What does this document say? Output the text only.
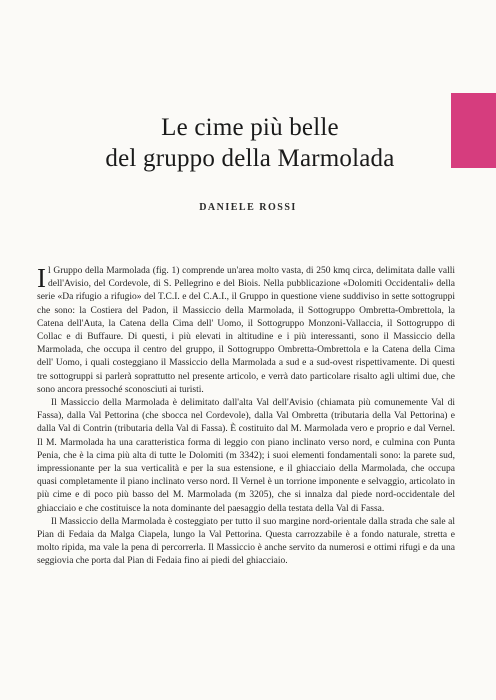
Le cime più belle
del gruppo della Marmolada
DANIELE ROSSI

Il Gruppo della Marmolada (fig. 1) comprende un'area molto vasta, di 250 kmq circa, delimitata dalle valli dell'Avisio, del Cordevole, di S. Pellegrino e del Biois. Nella pubblicazione «Dolomiti Occidentali» della serie «Da rifugio a rifugio» del T.C.I. e del C.A.I., il Gruppo in questione viene suddiviso in sette sottogruppi che sono: la Costiera del Padon, il Massiccio della Marmolada, il Sottogruppo Ombretta-Ombrettola, la Catena dell'Auta, la Catena della Cima dell' Uomo, il Sottogruppo Monzoni-Vallaccia, il Sottogruppo di Collac e di Buffaure. Di questi, i più elevati in altitudine e i più interessanti, sono il Massiccio della Marmolada, che occupa il centro del gruppo, il Sottogruppo Ombretta-Ombrettola e la Catena della Cima dell' Uomo, i quali costeggiano il Massiccio della Marmolada a sud e a sud-ovest rispettivamente. Di questi tre sottogruppi si parlerà soprattutto nel presente articolo, e verrà dato particolare risalto agli ultimi due, che sono ancora pressoché sconosciuti ai turisti.

Il Massiccio della Marmolada è delimitato dall'alta Val dell'Avisio (chiamata più comunemente Val di Fassa), dalla Val Pettorina (che sbocca nel Cordevole), dalla Val Ombretta (tributaria della Val Pettorina) e dalla Val di Contrin (tributaria della Val di Fassa). È costituito dal M. Marmolada vero e proprio e dal Vernel. Il M. Marmolada ha una caratteristica forma di leggio con piano inclinato verso nord, e culmina con Punta Penia, che è la cima più alta di tutte le Dolomiti (m 3342); i suoi elementi fondamentali sono: la parete sud, impressionante per la sua verticalità e per la sua estensione, e il ghiacciaio della Marmolada, che occupa quasi completamente il piano inclinato verso nord. Il Vernel è un torrione imponente e selvaggio, articolato in più cime e di poco più basso del M. Marmolada (m 3205), che si innalza dal piede nord-occidentale del ghiacciaio e che costituisce la nota dominante del paesaggio della testata della Val di Fassa.

Il Massiccio della Marmolada è costeggiato per tutto il suo margine nord-orientale dalla strada che sale al Pian di Fedaia da Malga Ciapela, lungo la Val Pettorina. Questa carrozzabile è a fondo naturale, stretta e molto ripida, ma vale la pena di percorrerla. Il Massiccio è anche servito da numerosi e ottimi rifugi e da una seggiovia che porta dal Pian di Fedaia fino ai piedi del ghiacciaio.
